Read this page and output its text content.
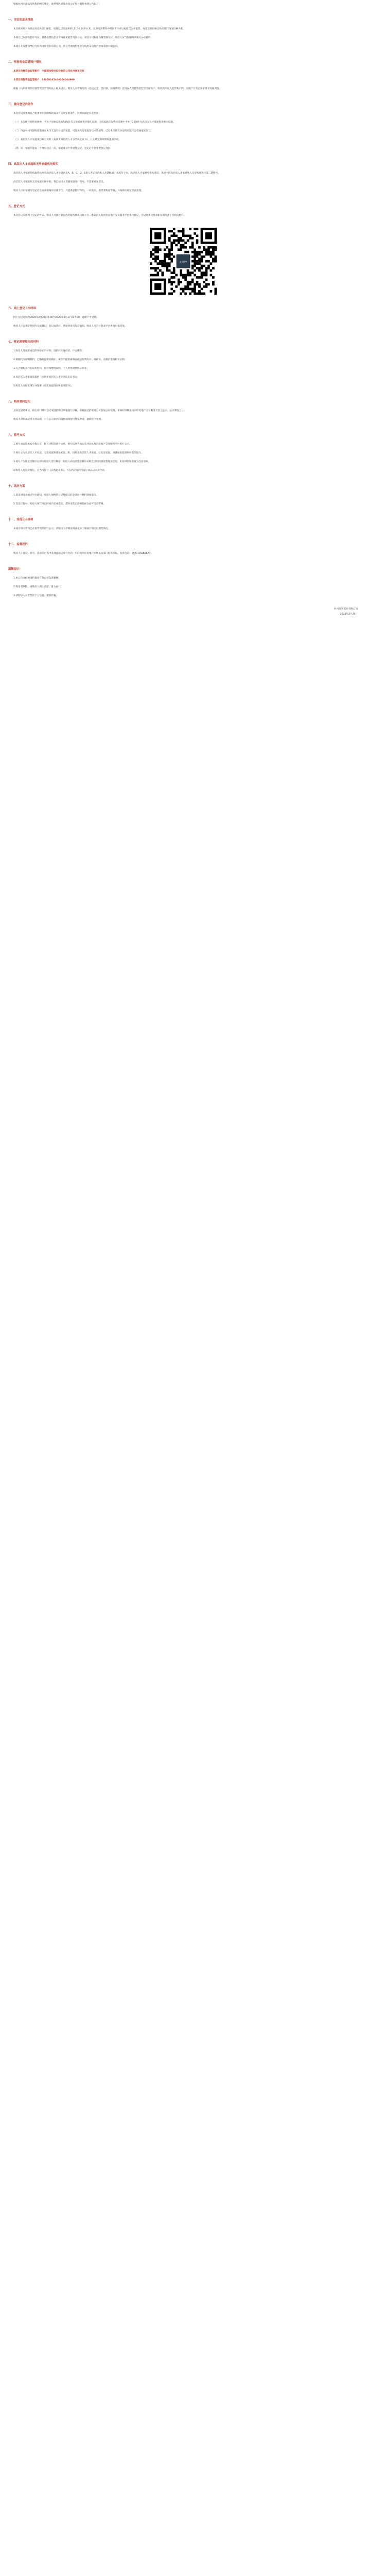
根据杭州市商品房销售的相关规定，现对我区商品住房公证摇号销售事项公告如下：

一、项目的基本情况

本次摇号项目为商品住房共计108套，项目总建筑面积约11154.24平方米。房源承诺将在办理预售许可后按批次公开销售，每套房源价格以物价部门备案价格为准。

本项目已取得预售许可证，具体房源信息及价格详见销售现场公示。项目交付标准为精装修交付，购房人应当仔细阅读相关公示资料。

本项目开发建设单位为杭州康和置业有限公司，项目代理销售单位为杭州某房地产营销策划有限公司。

二、预售资金监管账户情况

本项目预售资金监管银行：中国建设银行股份有限公司杭州城东支行

本项目预售资金监管账户：33050162480000004999

根据《杭州市商品房预售资金管理办法》相关规定，购房人应将购房款（包括定金、首付款、按揭贷款）直接存入预售资金监管专用账户，购房款未存入监管账户的，房地产开发企业不得交付或网签。

三、意向登记的条件

本次登记对象须符合杭州市住房限购政策及有关规定的条件，同时须满足以下要求：

（一）本次摇号销售房源中，不少于房源总数的50%作为无房家庭优先购买房源，无房家庭优先购买房源中不少于20%作为高层次人才家庭优先购买房源。

（二）符合杭州市限购政策且在本市无自有住房的家庭，可作为无房家庭参与本次摇号；已在本市拥有住房的家庭作为普通家庭参与。

（三）高层次人才家庭须持有有效的《杭州市高层次人才分类认定证书》，并在认定有效期内提出申请。

（四）同一家庭只能以一个身份登记一次，家庭成员不得重复登记，登记后不得变更登记身份。

四、高层次人才家庭和无房家庭优先购买

高层次人才家庭是指取得杭州市高层次人才分类认定A、B、C、D、E类人才证书的本人及其配偶、未成年子女。高层次人才家庭可优先选房，未摇中的高层次人才家庭进入无房家庭进行第二轮摇号。

高层次人才家庭和无房家庭未摇中的，将自动进入普通家庭进行摇号，不需要重复登记。

购房人应如实填写登记信息并承担相应法律责任，凡提供虚假材料的，一经查实，取消其购房资格，并按相关规定予以处理。

五、登记方式

本次登记采用网上登记的方式，购房人可通过浙江政务服务网或扫描下方二维码进入杭州市房地产交易服务平台进行登记，登记时须按要求如实填写并上传相关材料。

进入杭州
六、网上登记工作时间

网上登记时间为2025年2月25日9:00至2025年2月27日17:00，逾期不予受理。

购房人应在规定时间内完成登记，登记成功后，系统将发送短信通知，购房人可自行登录平台查询审核进度。

七、登记需要提交的材料

1.购房人及家庭成员的身份证明材料，包括居民身份证、户口簿等；

2.婚姻状况证明材料，已婚的提供结婚证，离异的提供离婚证或法院判决书、调解书，丧偶的提供相关证明；

3.符合限购条件的证明材料，如社保缴纳证明、个人所得税缴纳证明等；

4.高层次人才家庭需提供《杭州市高层次人才分类认定证书》；

5.购房人应如实填写并签署《购房家庭情况申报承诺书》。

八、购房意向登记

意向登记结束后，相关部门将对登记家庭的购房资格进行审核，审核通过的家庭方可参加公证摇号。审核结果将在杭州市房地产交易服务平台上公示，公示期为三日。

购房人对审核结果有异议的，可在公示期内向销售现场提出复核申请，逾期不予受理。

九、摇号方式

1.摇号由公证机构全程公证，摇号过程向社会公开，摇号结果当场公布并在杭州市房地产交易服务平台进行公示。

2.摇号分为高层次人才家庭、无房家庭和普通家庭三组，按照先高层次人才家庭、后无房家庭、再普通家庭的顺序依次进行。

3.摇号产生的选房顺序号即为购房人选房顺序，购房人应按照选房顺序号和选房时间到销售现场选房，未按时到场的视为自动放弃。

4.购房人选定房源后，应当场签订《认购协议书》，并在约定时间内签订商品房买卖合同。

十、选房方案

1.选房时间及地点另行通知，购房人须携带登记时提交的全部原件材料到场选房。

2.选房过程中，购房人须在规定时间内完成选房，超时未选定房源的视为放弃选房资格。

十一、其他公示事项

本项目相关资料已在销售现场进行公示，请购房人仔细查阅并充分了解项目情况后理性购房。

十二、监督投诉

购房人在登记、摇号、选房等过程中发现违法违规行为的，可向杭州市房地产市场监管部门投诉举报。投诉电话：0571-85866677。

温馨提示：

1.本公告由杭州康和置业有限公司负责解释。

2.购房有风险，请购房人理性购房，量力而行。

3.请购房人妥善保管个人信息，谨防诈骗。

杭州康和置业有限公司

2025年2月24日
